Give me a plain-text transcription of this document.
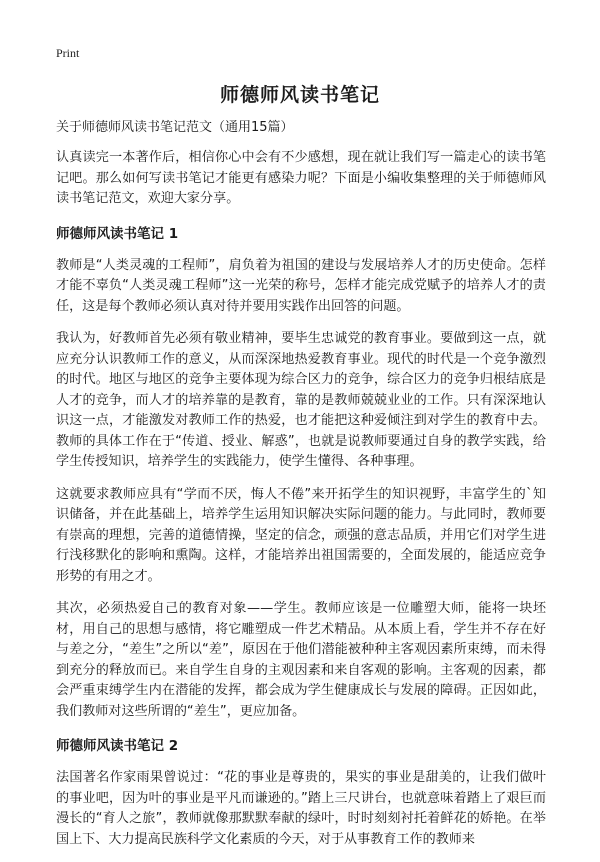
Print
师德师风读书笔记
关于师德师风读书笔记范文（通用15篇）

认真读完一本著作后，相信你心中会有不少感想，现在就让我们写一篇走心的读书笔记吧。那么如何写读书笔记才能更有感染力呢？下面是小编收集整理的关于师德师风读书笔记范文，欢迎大家分享。

师德师风读书笔记 1

教师是“人类灵魂的工程师”，肩负着为祖国的建设与发展培养人才的历史使命。怎样才能不辜负“人类灵魂工程师”这一光荣的称号，怎样才能完成党赋予的培养人才的责任，这是每个教师必须认真对待并要用实践作出回答的问题。

我认为，好教师首先必须有敬业精神，要毕生忠诚党的教育事业。要做到这一点，就应充分认识教师工作的意义，从而深深地热爱教育事业。现代的时代是一个竞争激烈的时代。地区与地区的竞争主要体现为综合区力的竞争，综合区力的竞争归根结底是人才的竞争，而人才的培养靠的是教育，靠的是教师兢兢业业的工作。只有深深地认识这一点，才能激发对教师工作的热爱，也才能把这种爱倾注到对学生的教育中去。教师的具体工作在于“传道、授业、解惑”，也就是说教师要通过自身的教学实践，给学生传授知识，培养学生的实践能力，使学生懂得、各种事理。

这就要求教师应具有“学而不厌，悔人不倦”来开拓学生的知识视野，丰富学生的`知识储备，并在此基础上，培养学生运用知识解决实际问题的能力。与此同时，教师要有崇高的理想，完善的道德情操，坚定的信念，顽强的意志品质，并用它们对学生进行浅移默化的影响和熏陶。这样，才能培养出祖国需要的，全面发展的，能适应竞争形势的有用之才。

其次，必须热爱自己的教育对象——学生。教师应该是一位雕塑大师，能将一块坯材，用自己的思想与感情，将它雕塑成一件艺术精品。从本质上看，学生并不存在好与差之分，“差生”之所以“差”，原因在于他们潜能被种种主客观因素所束缚，而未得到充分的释放而已。来自学生自身的主观因素和来自客观的影响。主客观的因素，都会严重束缚学生内在潜能的发挥，都会成为学生健康成长与发展的障碍。正因如此，我们教师对这些所谓的“差生”，更应加备。

师德师风读书笔记 2

法国著名作家雨果曾说过：“花的事业是尊贵的，果实的事业是甜美的，让我们做叶的事业吧，因为叶的事业是平凡而谦逊的。”踏上三尺讲台，也就意味着踏上了艰巨而漫长的“育人之旅”，教师就像那默默奉献的绿叶，时时刻刻衬托着鲜花的娇艳。在举国上下、大力提高民族科学文化素质的今天，对于从事教育工作的教师来
